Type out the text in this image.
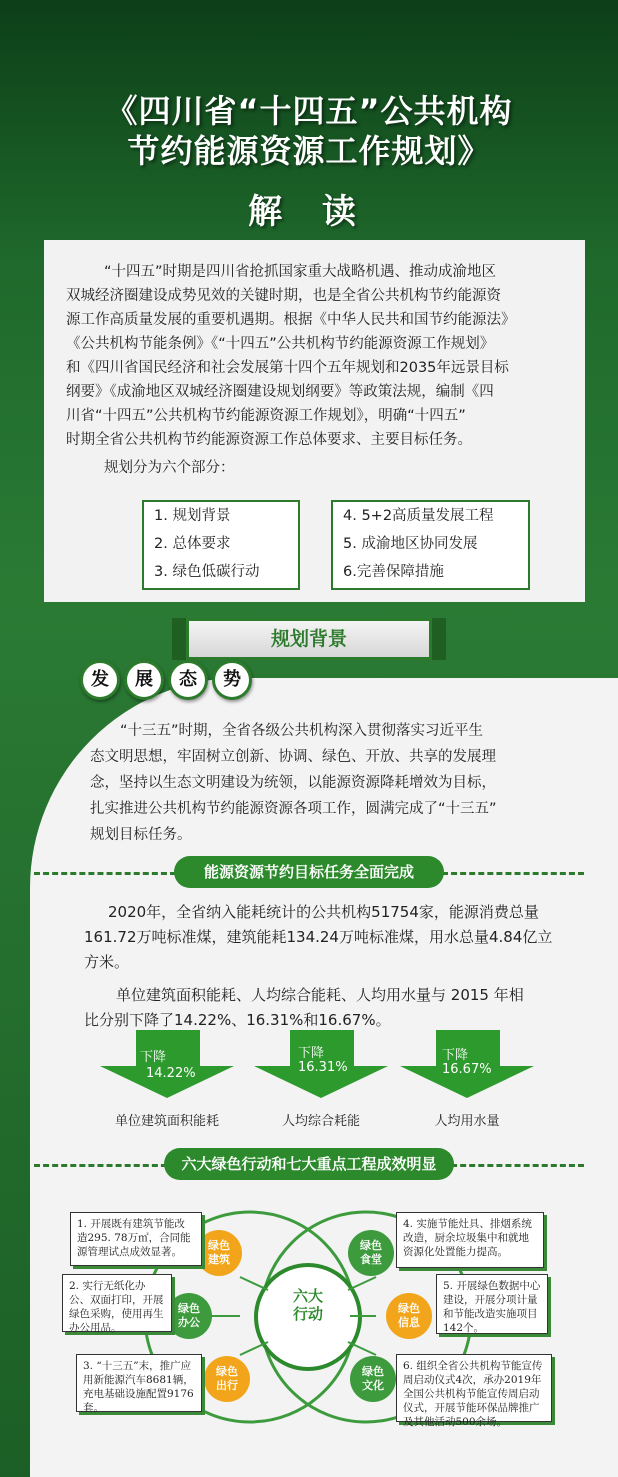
《四川省“十四五”公共机构
节约能源资源工作规划》
解 读
“十四五”时期是四川省抢抓国家重大战略机遇、推动成渝地区
双城经济圈建设成势见效的关键时期，也是全省公共机构节约能源资
源工作高质量发展的重要机遇期。根据《中华人民共和国节约能源法》
《公共机构节能条例》《“十四五”公共机构节约能源资源工作规划》
和《四川省国民经济和社会发展第十四个五年规划和2035年远景目标
纲要》《成渝地区双城经济圈建设规划纲要》等政策法规，编制《四
川省“十四五”公共机构节约能源资源工作规划》，明确“十四五”
时期全省公共机构节约能源资源工作总体要求、主要目标任务。
规划分为六个部分：
1. 规划背景
2. 总体要求
3. 绿色低碳行动
4. 5+2高质量发展工程
5. 成渝地区协同发展
6.完善保障措施
规划背景
发	展	态	势
“十三五”时期，全省各级公共机构深入贯彻落实习近平生
态文明思想，牢固树立创新、协调、绿色、开放、共享的发展理
念，坚持以生态文明建设为统领，以能源资源降耗增效为目标，
扎实推进公共机构节约能源资源各项工作，圆满完成了“十三五”
规划目标任务。
能源资源节约目标任务全面完成
2020年，全省纳入能耗统计的公共机构51754家，能源消费总量
161.72万吨标准煤，建筑能耗134.24万吨标准煤，用水总量4.84亿立
方米。
单位建筑面积能耗、人均综合能耗、人均用水量与 2015 年相
比分别下降了14.22%、16.31%和16.67%。
下降
14.22%
下降
16.31%
下降
16.67%
单位建筑面积能耗	人均综合耗能	人均用水量
六大绿色行动和七大重点工程成效明显
六大
行动
绿色
建筑
绿色
办公
绿色
出行
绿色
食堂
绿色
信息
绿色
文化
1. 开展既有建筑节能改造295. 78万㎡，合同能源管理试点成效显著。
2. 实行无纸化办公、双面打印，开展绿色采购，使用再生办公用品。
3. “十三五”末，推广应用新能源汽车8681辆，充电基础设施配置9176套。
4. 实施节能灶具、排烟系统改造，厨余垃圾集中和就地资源化处置能力提高。
5. 开展绿色数据中心建设，开展分项计量和节能改造实施项目142个。
6. 组织全省公共机构节能宣传周启动仪式4次，承办2019年全国公共机构节能宣传周启动仪式，开展节能环保品牌推广及其他活动500余场。
